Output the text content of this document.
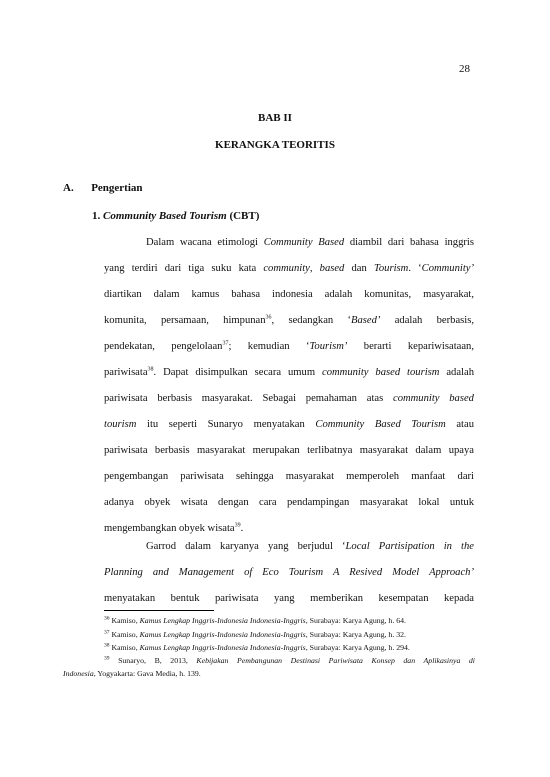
28
BAB II
KERANGKA TEORITIS
A. Pengertian
1. Community Based Tourism (CBT)
Dalam wacana etimologi Community Based diambil dari bahasa inggris
yang terdiri dari tiga suku kata community, based dan Tourism. ‘Community’
diartikan dalam kamus bahasa indonesia adalah komunitas, masyarakat,
komunita, persamaan, himpunan$^{36}$, sedangkan ‘Based’ adalah berbasis,
pendekatan, pengelolaan$^{37}$; kemudian ‘Tourism’ berarti kepariwisataan,
pariwisata$^{38}$. Dapat disimpulkan secara umum community based tourism adalah
pariwisata berbasis masyarakat. Sebagai pemahaman atas community based
tourism itu seperti Sunaryo menyatakan Community Based Tourism atau
pariwisata berbasis masyarakat merupakan terlibatnya masyarakat dalam upaya
pengembangan pariwisata sehingga masyarakat memperoleh manfaat dari
adanya obyek wisata dengan cara pendampingan masyarakat lokal untuk
mengembangkan obyek wisata$^{39}$.
Garrod dalam karyanya yang berjudul ‘Local Partisipation in the
Planning and Management of Eco Tourism A Resived Model Approach’
menyatakan bentuk pariwisata yang memberikan kesempatan kepada
$^{36}$ Kamiso, Kamus Lengkap Inggris-Indonesia Indonesia-Inggris, Surabaya: Karya Agung, h. 64.
$^{37}$ Kamiso, Kamus Lengkap Inggris-Indonesia Indonesia-Inggris, Surabaya: Karya Agung, h. 32.
$^{38}$ Kamiso, Kamus Lengkap Inggris-Indonesia Indonesia-Inggris, Surabaya: Karya Agung, h. 294.
$^{39}$ Sunaryo, B, 2013, Kebijakan Pembangunan Destinasi Pariwisata Konsep dan Aplikasinya di
Indonesia, Yogyakarta: Gava Media, h. 139.
